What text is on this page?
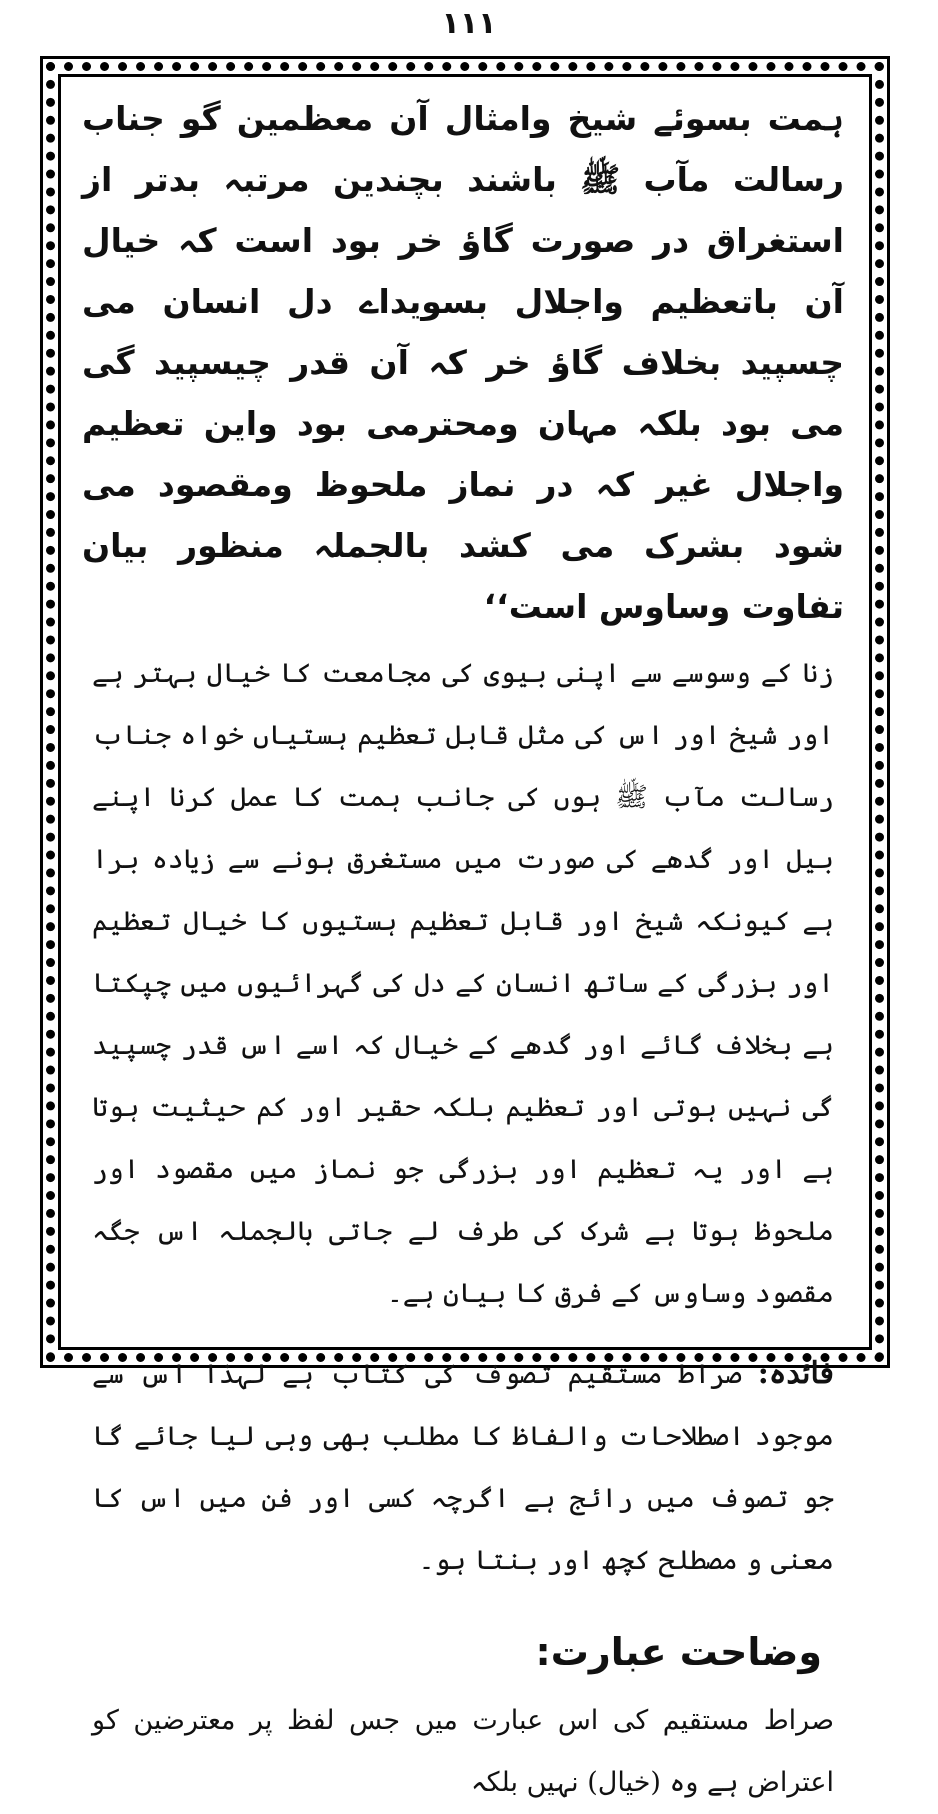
۱۱۱

ہمت بسوئے شیخ وامثال آن معظمین گو جناب رسالت مآب ﷺ باشند بچندین مرتبہ بدتر از استغراق در صورت گاؤ خر بود است کہ خیال آن باتعظیم واجلال بسویداے دل انسان می چسپید بخلاف گاؤ خر کہ آن قدر چیسپید گی می بود بلکہ مہان ومحترمی بود واین تعظیم واجلال غیر کہ در نماز ملحوظ ومقصود می شود بشرک می کشد بالجملہ منظور بیان تفاوت وساوس است‘‘

زنا کے وسوسے سے اپنی بیوی کی مجامعت کا خیال بہتر ہے اور شیخ اور اس کی مثل قابل تعظیم ہستیاں خواہ جناب رسالت مآب ﷺ ہوں کی جانب ہمت کا عمل کرنا اپنے بیل اور گدھے کی صورت میں مستغرق ہونے سے زیادہ برا ہے کیونکہ شیخ اور قابل تعظیم ہستیوں کا خیال تعظیم اور بزرگی کے ساتھ انسان کے دل کی گہرائیوں میں چپکتا ہے بخلاف گائے اور گدھے کے خیال کہ اسے اس قدر چسپید گی نہیں ہوتی اور تعظیم بلکہ حقیر اور کم حیثیت ہوتا ہے اور یہ تعظیم اور بزرگی جو نماز میں مقصود اور ملحوظ ہوتا ہے شرک کی طرف لے جاتی بالجملہ اس جگہ مقصود وساوس کے فرق کا بیان ہے۔

فائدہ: صراط مستقیم تصوف کی کتاب ہے لہذا اس سے موجود اصطلاحات والفاظ کا مطلب بھی وہی لیا جائے گا جو تصوف میں رائج ہے اگرچہ کسی اور فن میں اس کا معنی و مصطلح کچھ اور بنتا ہو۔

وضاحت عبارت:

صراط مستقیم کی اس عبارت میں جس لفظ پر معترضین کو اعتراض ہے وہ (خیال) نہیں بلکہ
